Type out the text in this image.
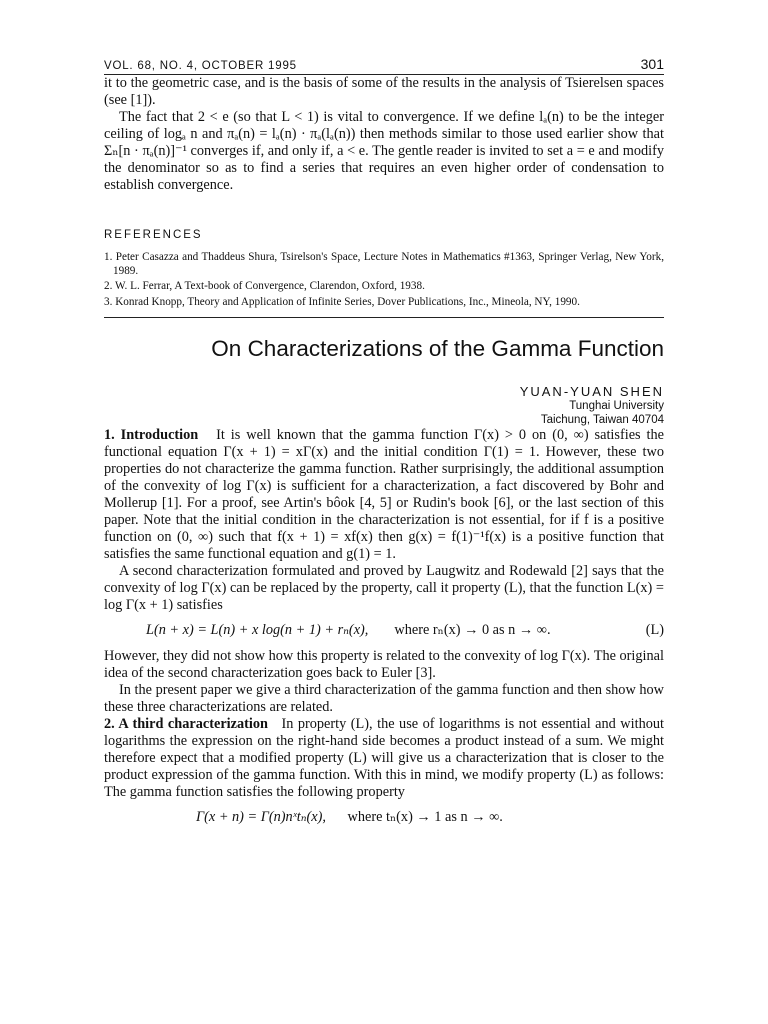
VOL. 68, NO. 4, OCTOBER 1995	301

it to the geometric case, and is the basis of some of the results in the analysis of Tsierelsen spaces (see [1]).

The fact that 2 < e (so that L < 1) is vital to convergence. If we define lₐ(n) to be the integer ceiling of logₐ n and πₐ(n) = lₐ(n) · πₐ(lₐ(n)) then methods similar to those used earlier show that Σₙ[n · πₐ(n)]⁻¹ converges if, and only if, a < e. The gentle reader is invited to set a = e and modify the denominator so as to find a series that requires an even higher order of condensation to establish convergence.

REFERENCES
1. Peter Casazza and Thaddeus Shura, Tsirelson's Space, Lecture Notes in Mathematics #1363, Springer Verlag, New York, 1989.
2. W. L. Ferrar, A Text-book of Convergence, Clarendon, Oxford, 1938.
3. Konrad Knopp, Theory and Application of Infinite Series, Dover Publications, Inc., Mineola, NY, 1990.
On Characterizations of the Gamma Function
YUAN-YUAN SHEN
Tunghai University
Taichung, Taiwan 40704

1. Introduction It is well known that the gamma function Γ(x) > 0 on (0, ∞) satisfies the functional equation Γ(x + 1) = xΓ(x) and the initial condition Γ(1) = 1. However, these two properties do not characterize the gamma function. Rather surprisingly, the additional assumption of the convexity of log Γ(x) is sufficient for a characterization, a fact discovered by Bohr and Mollerup [1]. For a proof, see Artin's bôok [4, 5] or Rudin's book [6], or the last section of this paper. Note that the initial condition in the characterization is not essential, for if f is a positive function on (0, ∞) such that f(x + 1) = xf(x) then g(x) = f(1)⁻¹f(x) is a positive function that satisfies the same functional equation and g(1) = 1.

A second characterization formulated and proved by Laugwitz and Rodewald [2] says that the convexity of log Γ(x) can be replaced by the property, call it property (L), that the function L(x) = log Γ(x + 1) satisfies

L(n + x) = L(n) + x log(n + 1) + rₙ(x), where rₙ(x) → 0 as n → ∞.	(L)

However, they did not show how this property is related to the convexity of log Γ(x). The original idea of the second characterization goes back to Euler [3].

In the present paper we give a third characterization of the gamma function and then show how these three characterizations are related.

2. A third characterization In property (L), the use of logarithms is not essential and without logarithms the expression on the right-hand side becomes a product instead of a sum. We might therefore expect that a modified property (L) will give us a characterization that is closer to the product expression of the gamma function. With this in mind, we modify property (L) as follows: The gamma function satisfies the following property

Γ(x + n) = Γ(n)nˣtₙ(x), where tₙ(x) → 1 as n → ∞.
